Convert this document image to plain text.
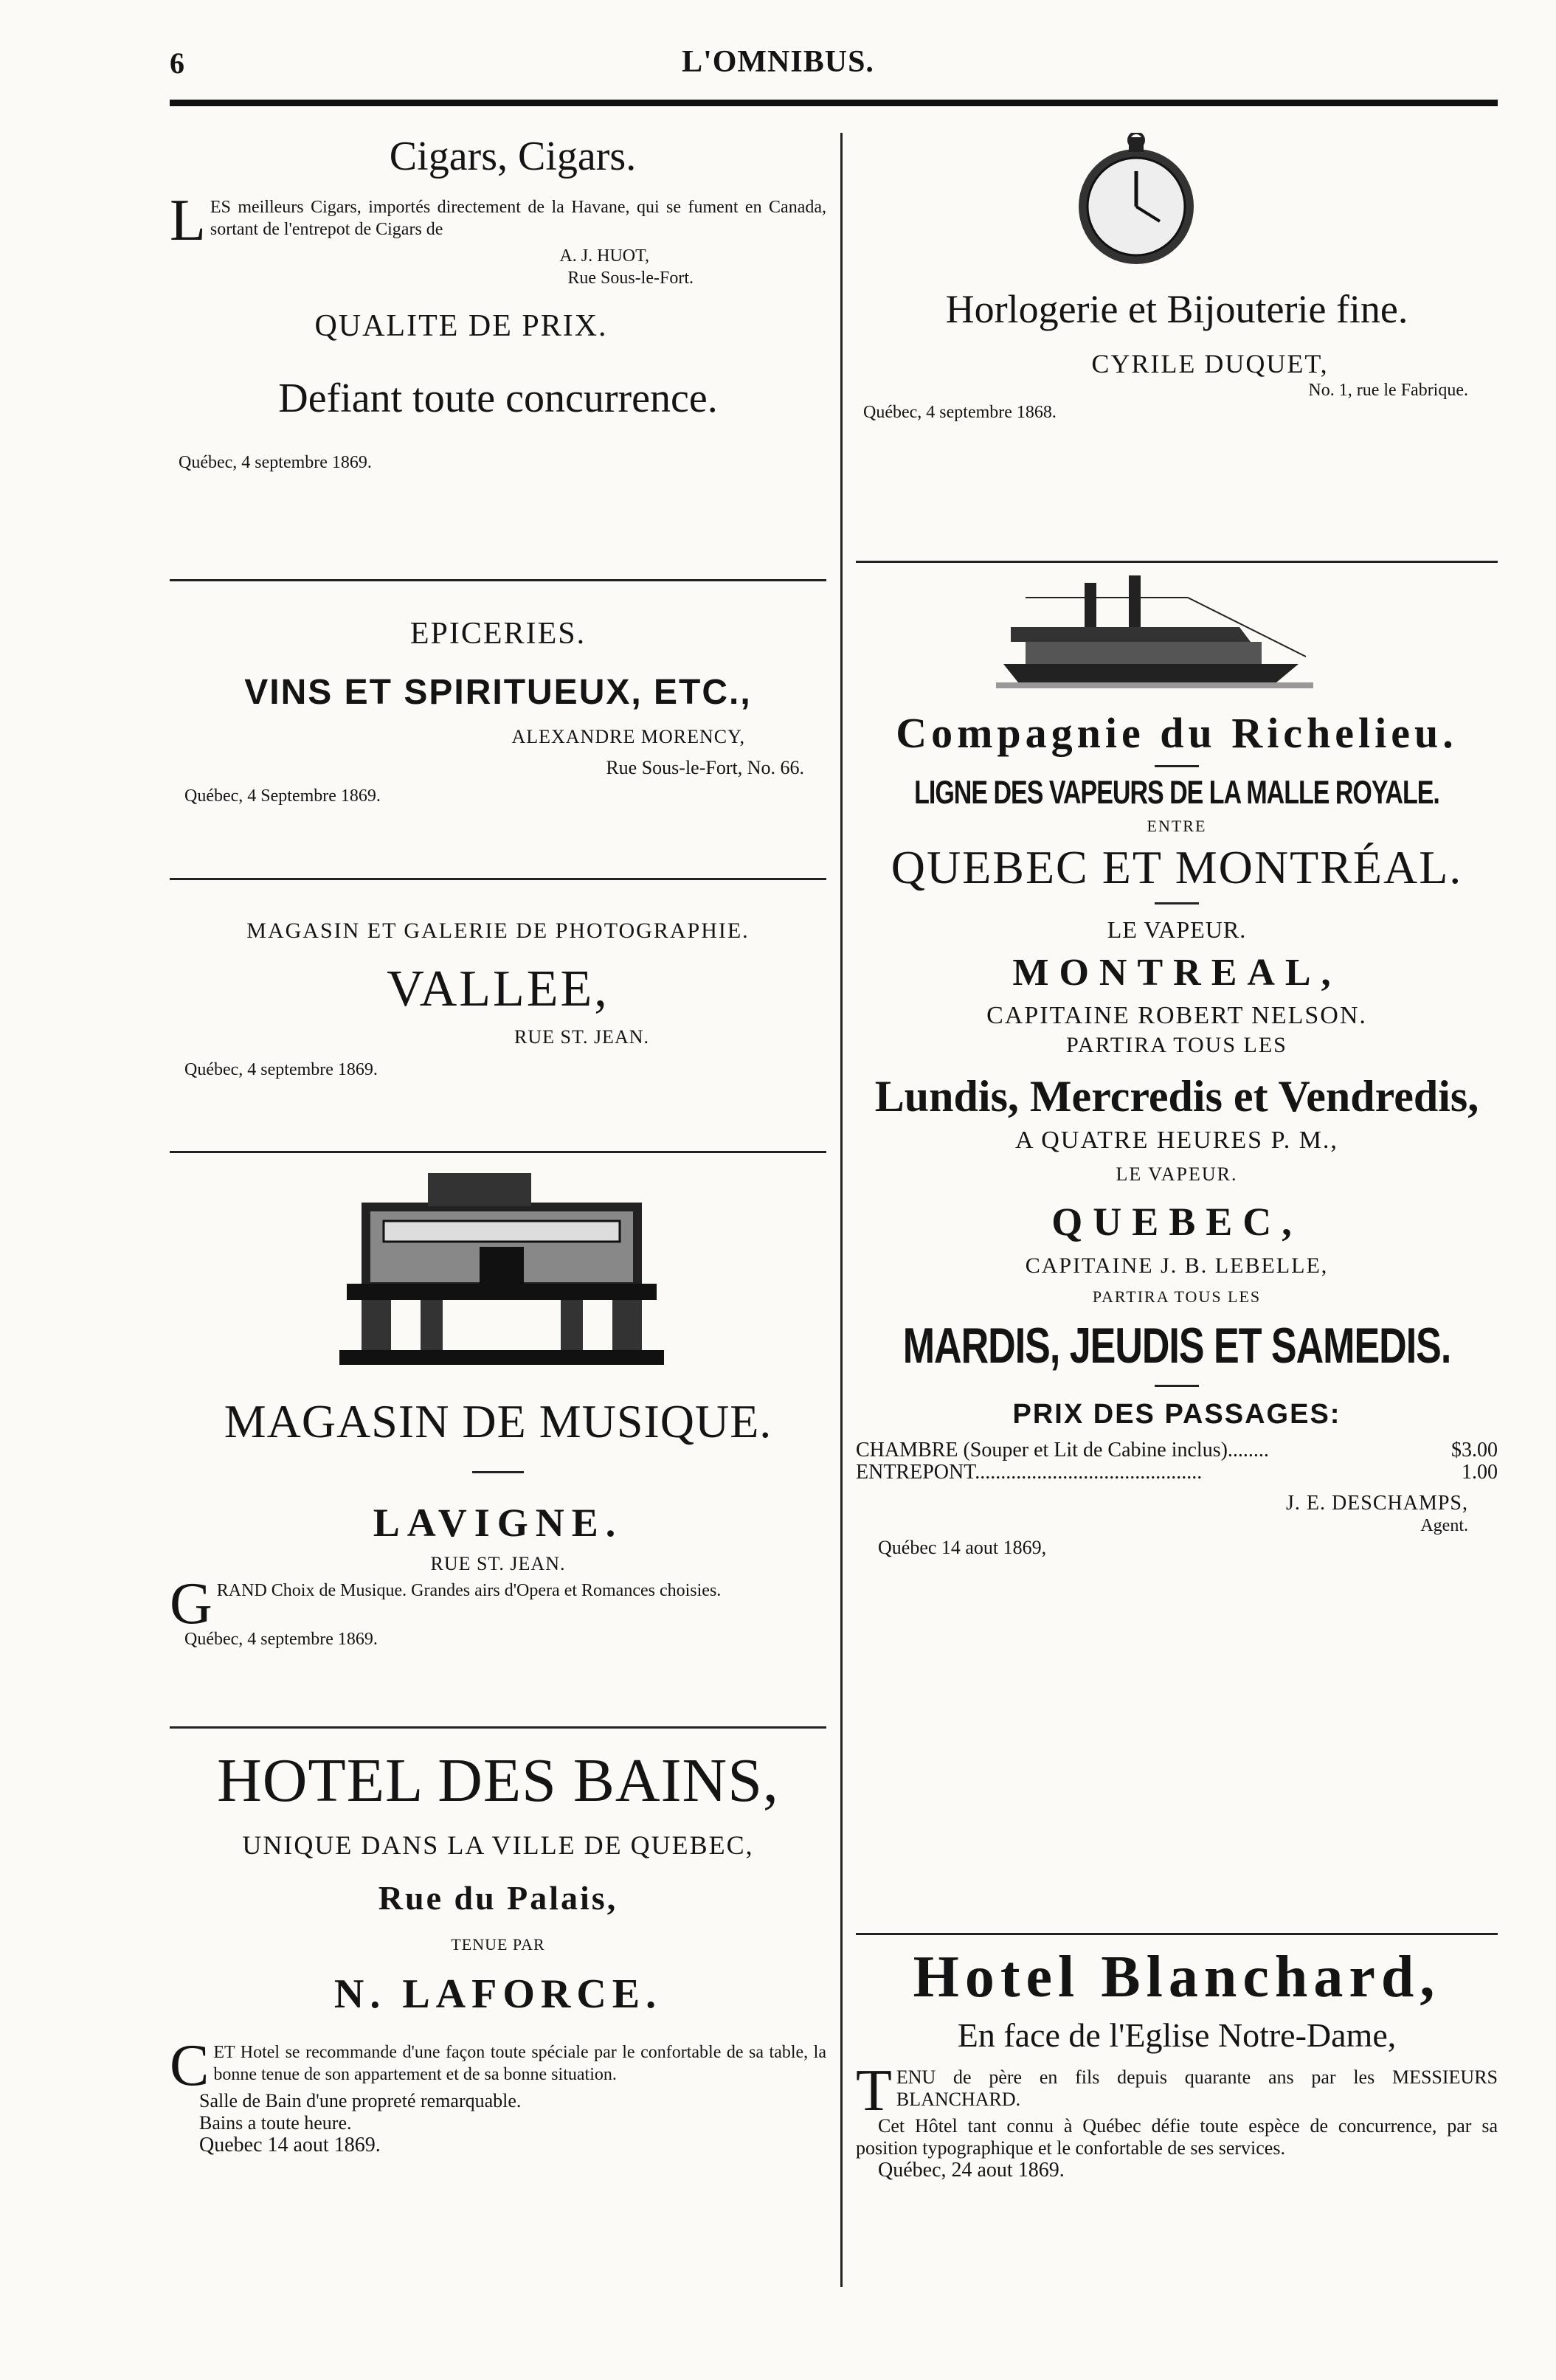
6	L'OMNIBUS.
Cigars, Cigars.
L ES meilleurs Cigars, importés directement de la Havane, qui se fument en Canada, sortant de l'entrepot de Cigars de
A. J. HUOT,
Rue Sous-le-Fort.
QUALITE DE PRIX.
Defiant toute concurrence.
Québec, 4 septembre 1869.
EPICERIES.
VINS ET SPIRITUEUX, ETC.,
ALEXANDRE MORENCY,
Rue Sous-le-Fort, No. 66.
Québec, 4 Septembre 1869.
MAGASIN ET GALERIE DE PHOTOGRAPHIE.
VALLEE,
RUE ST. JEAN.
Québec, 4 septembre 1869.
MAGASIN DE MUSIQUE.
LAVIGNE.
RUE ST. JEAN.
G RAND Choix de Musique. Grandes airs d'Opera et Romances choisies.
Québec, 4 septembre 1869.
HOTEL DES BAINS,
UNIQUE DANS LA VILLE DE QUEBEC,
Rue du Palais,
TENUE PAR
N. LAFORCE.
C ET Hotel se recommande d'une façon toute spéciale par le confortable de sa table, la bonne tenue de son appartement et de sa bonne situation.
Salle de Bain d'une propreté remarquable.
Bains a toute heure.
Quebec 14 aout 1869.
Horlogerie et Bijouterie fine.
CYRILE DUQUET,
No. 1, rue le Fabrique.
Québec, 4 septembre 1868.
Compagnie du Richelieu.
LIGNE DES VAPEURS DE LA MALLE ROYALE.
ENTRE
QUEBEC ET MONTRÉAL.
LE VAPEUR.
MONTREAL,
CAPITAINE ROBERT NELSON.
PARTIRA TOUS LES
Lundis, Mercredis et Vendredis,
A QUATRE HEURES P. M.,
LE VAPEUR.
QUEBEC,
CAPITAINE J. B. LEBELLE,
PARTIRA TOUS LES
MARDIS, JEUDIS ET SAMEDIS.
PRIX DES PASSAGES:
CHAMBRE (Souper et Lit de Cabine inclus)........	$3.00
ENTREPONT............................................	1.00
J. E. DESCHAMPS,
Agent.
Québec 14 aout 1869,
Hotel Blanchard,
En face de l'Eglise Notre-Dame,
T ENU de père en fils depuis quarante ans par les MESSIEURS BLANCHARD.
Cet Hôtel tant connu à Québec défie toute espèce de concurrence, par sa position typographique et le confortable de ses services.
Québec, 24 aout 1869.
